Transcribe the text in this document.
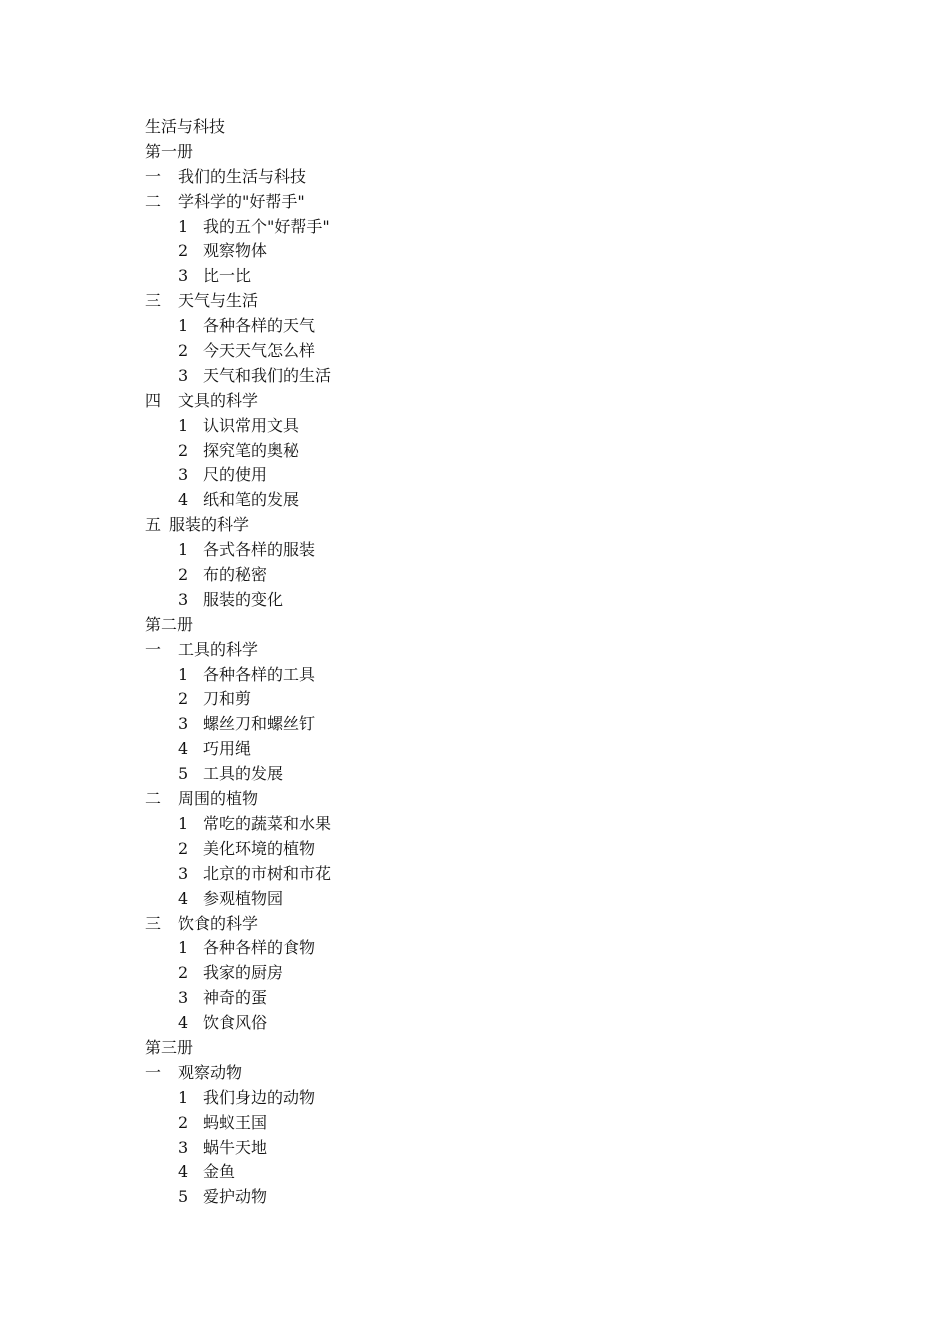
生活与科技
第一册
一 我们的生活与科技
二 学科学的"好帮手"
1 我的五个"好帮手"
2 观察物体
3 比一比
三 天气与生活
1 各种各样的天气
2 今天天气怎么样
3 天气和我们的生活
四 文具的科学
1 认识常用文具
2 探究笔的奥秘
3 尺的使用
4 纸和笔的发展
五 服装的科学
1 各式各样的服装
2 布的秘密
3 服装的变化
第二册
一 工具的科学
1 各种各样的工具
2 刀和剪
3 螺丝刀和螺丝钉
4 巧用绳
5 工具的发展
二 周围的植物
1 常吃的蔬菜和水果
2 美化环境的植物
3 北京的市树和市花
4 参观植物园
三 饮食的科学
1 各种各样的食物
2 我家的厨房
3 神奇的蛋
4 饮食风俗
第三册
一 观察动物
1 我们身边的动物
2 蚂蚁王国
3 蜗牛天地
4 金鱼
5 爱护动物
